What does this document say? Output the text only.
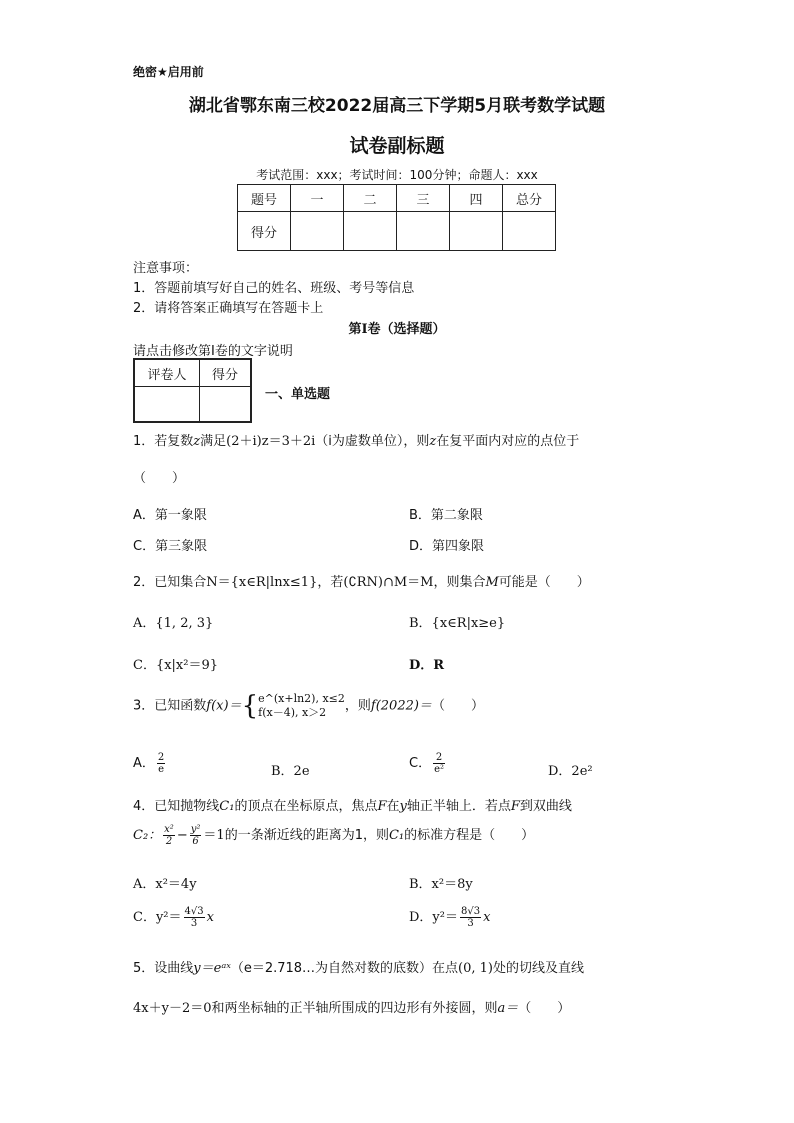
绝密★启用前
湖北省鄂东南三校2022届高三下学期5月联考数学试题
试卷副标题
考试范围：xxx；考试时间：100分钟；命题人：xxx
题号	一	二	三	四	总分
得分					
注意事项：
1．答题前填写好自己的姓名、班级、考号等信息
2．请将答案正确填写在答题卡上
第I卷（选择题）
请点击修改第I卷的文字说明
评卷人	得分

一、单选题
1．若复数z满足(2＋i)z＝3＋2i（i为虚数单位），则z在复平面内对应的点位于
（　　）
A．第一象限	B．第二象限
C．第三象限	D．第四象限
2．已知集合N＝{x∈R|lnx≤1}，若(∁RN)∩M＝M，则集合M可能是（　　）
A．{1, 2, 3}	B．{x∈R|x≥e}
C．{x|x²＝9}	D．R
3．已知函数f(x)＝{ e^(x+ln2), x≤2
f(x－4), x＞2	，则f(2022)＝（　　）
A． $\frac{2}{e}$	B．2e
C． $\frac{2}{\text{e²}}$	D．2e²
4．已知抛物线C₁的顶点在坐标原点，焦点F在y轴正半轴上．若点F到双曲线
C₂： $\frac{\text{x²}}{2} - \frac{\text{y²}}{6} =1$的一条渐近线的距离为1，则C₁的标准方程是（　　）
A．x²＝4y	B．x²＝8y
C．$y^2= \frac{4√3}{3}$ x	D．$y^2= \frac{8√3}{3}$ x
5．设曲线y＝eᵃˣ（e＝2.718…为自然对数的底数）在点(0, 1)处的切线及直线
4x＋y－2＝0和两坐标轴的正半轴所围成的四边形有外接圆，则a＝（　　）
